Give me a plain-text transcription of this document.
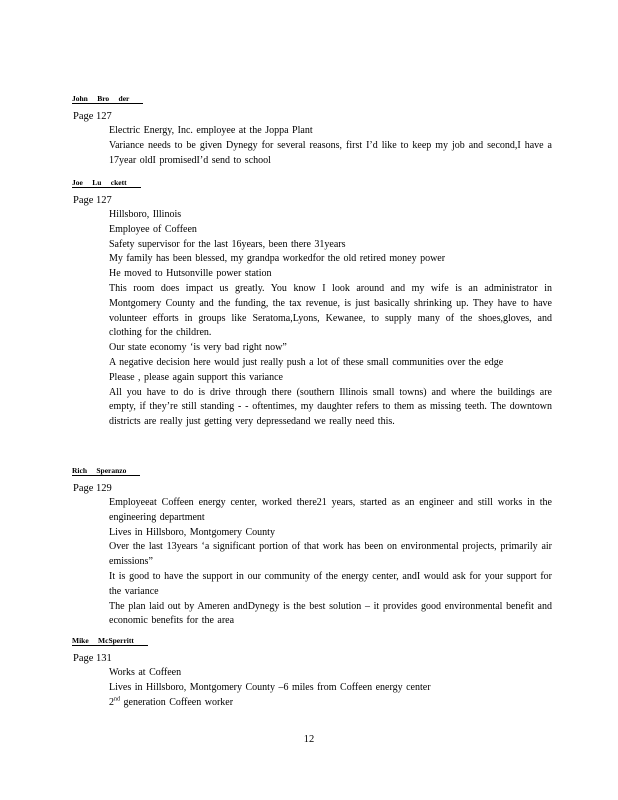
John     Bro     der
Page 127
Electric Energy, Inc. employee at the Joppa Plant
Variance needs to be given Dynegy for several reasons, first I’d like to keep my job and second,I have a 17year oldI promisedI’d send to school
Joe     Lu     ckett
Page 127
Hillsboro, Illinois
Employee of Coffeen
Safety supervisor for the last 16years, been there 31years
My family has been blessed, my grandpa workedfor the old retired money power
He moved to Hutsonville power station
This room does impact us greatly. You know I look around and my wife is an administrator in Montgomery County and the funding, the tax revenue, is just basically shrinking up. They have to have volunteer efforts in groups like Seratoma,Lyons, Kewanee, to supply many of the shoes,gloves, and clothing for the children.
Our state economy ‘is very bad right now”
A negative decision here would just really push a lot of these small communities over the edge
Please , please again support this variance
All you have to do is drive through there (southern Illinois small towns) and where the buildings are empty, if they’re still standing - - oftentimes, my daughter refers to them as missing teeth. The downtown districts are really just getting very depressedand we really need this.
Rich     Speranzo
Page 129
Employeeat Coffeen energy center, worked there21 years, started as an engineer and still works in the engineering department
Lives in Hillsboro, Montgomery County
Over the last 13years ‘a significant portion of that work has been on environmental projects, primarily air emissions”
It is good to have the support in our community of the energy center, andI would ask for your support for the variance
The plan laid out by Ameren andDynegy is the best solution – it provides good environmental benefit and economic benefits for the area
Mike     McSperritt
Page 131
Works at Coffeen
Lives in Hillsboro, Montgomery County –6 miles from Coffeen energy center
2nd generation Coffeen worker
12
